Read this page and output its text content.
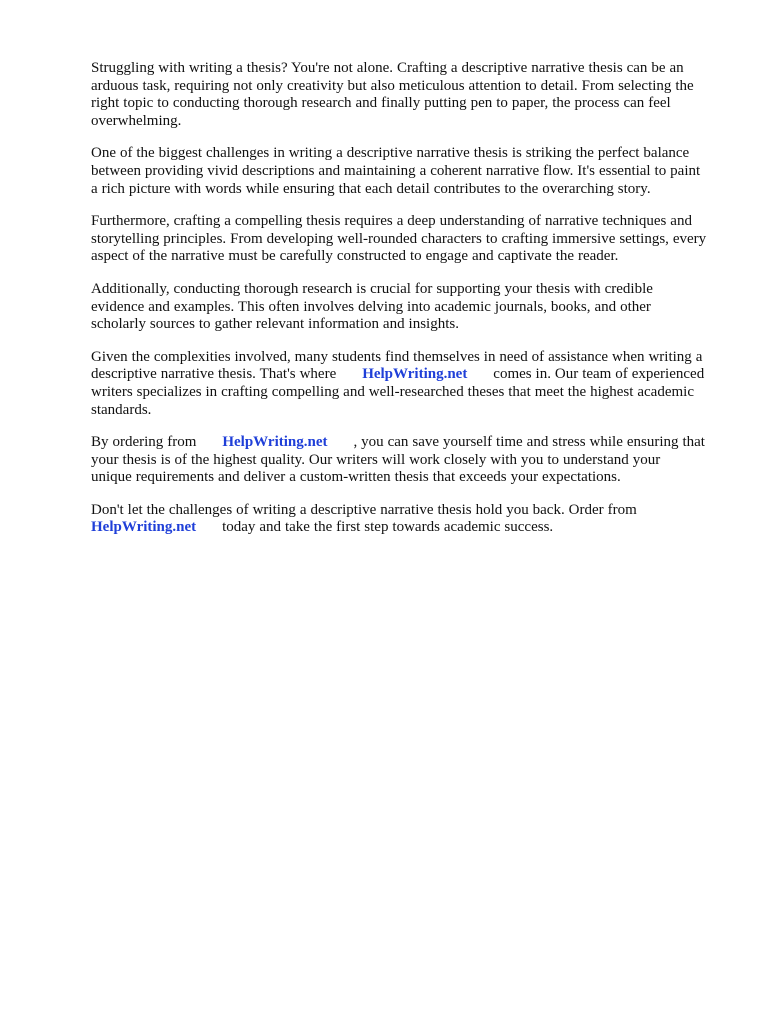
Struggling with writing a thesis? You're not alone. Crafting a descriptive narrative thesis can be an
arduous task, requiring not only creativity but also meticulous attention to detail. From selecting the
right topic to conducting thorough research and finally putting pen to paper, the process can feel
overwhelming.

One of the biggest challenges in writing a descriptive narrative thesis is striking the perfect balance
between providing vivid descriptions and maintaining a coherent narrative flow. It's essential to paint
a rich picture with words while ensuring that each detail contributes to the overarching story.

Furthermore, crafting a compelling thesis requires a deep understanding of narrative techniques and
storytelling principles. From developing well-rounded characters to crafting immersive settings, every
aspect of the narrative must be carefully constructed to engage and captivate the reader.

Additionally, conducting thorough research is crucial for supporting your thesis with credible
evidence and examples. This often involves delving into academic journals, books, and other
scholarly sources to gather relevant information and insights.

Given the complexities involved, many students find themselves in need of assistance when writing a
descriptive narrative thesis. That's where HelpWriting.net comes in. Our team of experienced
writers specializes in crafting compelling and well-researched theses that meet the highest academic
standards.

By ordering from HelpWriting.net , you can save yourself time and stress while ensuring that
your thesis is of the highest quality. Our writers will work closely with you to understand your
unique requirements and deliver a custom-written thesis that exceeds your expectations.

Don't let the challenges of writing a descriptive narrative thesis hold you back. Order from
HelpWriting.net today and take the first step towards academic success.
